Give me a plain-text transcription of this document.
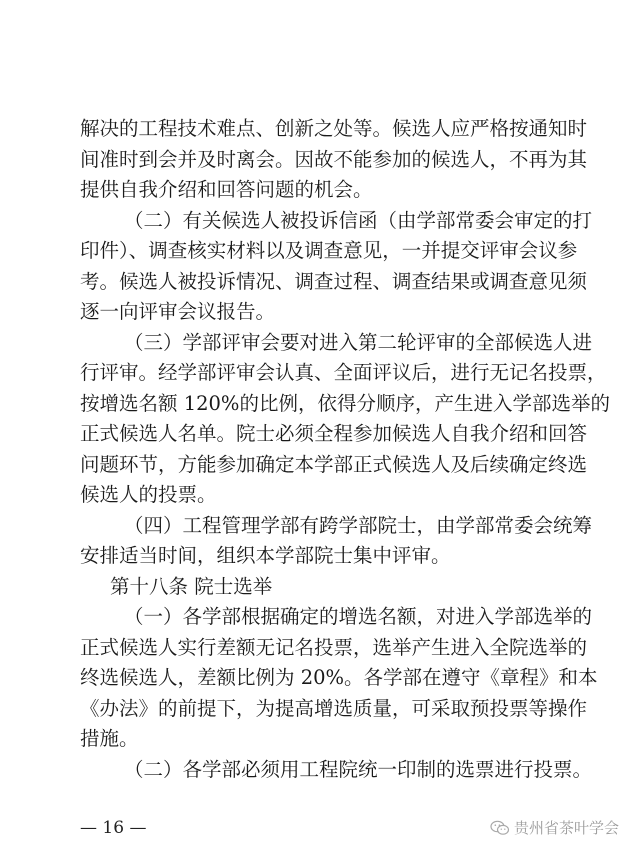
解决的工程技术难点、创新之处等。候选人应严格按通知时
间准时到会并及时离会。因故不能参加的候选人，不再为其
提供自我介绍和回答问题的机会。
（二）有关候选人被投诉信函（由学部常委会审定的打
印件）、调查核实材料以及调查意见，一并提交评审会议参
考。候选人被投诉情况、调查过程、调查结果或调查意见须
逐一向评审会议报告。
（三）学部评审会要对进入第二轮评审的全部候选人进
行评审。经学部评审会认真、全面评议后，进行无记名投票，
按增选名额 120%的比例，依得分顺序，产生进入学部选举的
正式候选人名单。院士必须全程参加候选人自我介绍和回答
问题环节，方能参加确定本学部正式候选人及后续确定终选
候选人的投票。
（四）工程管理学部有跨学部院士，由学部常委会统筹
安排适当时间，组织本学部院士集中评审。
第十八条 院士选举
（一）各学部根据确定的增选名额，对进入学部选举的
正式候选人实行差额无记名投票，选举产生进入全院选举的
终选候选人，差额比例为 20%。各学部在遵守《章程》和本
《办法》的前提下，为提高增选质量，可采取预投票等操作
措施。
（二）各学部必须用工程院统一印制的选票进行投票。
— 16 —	贵州省茶叶学会
